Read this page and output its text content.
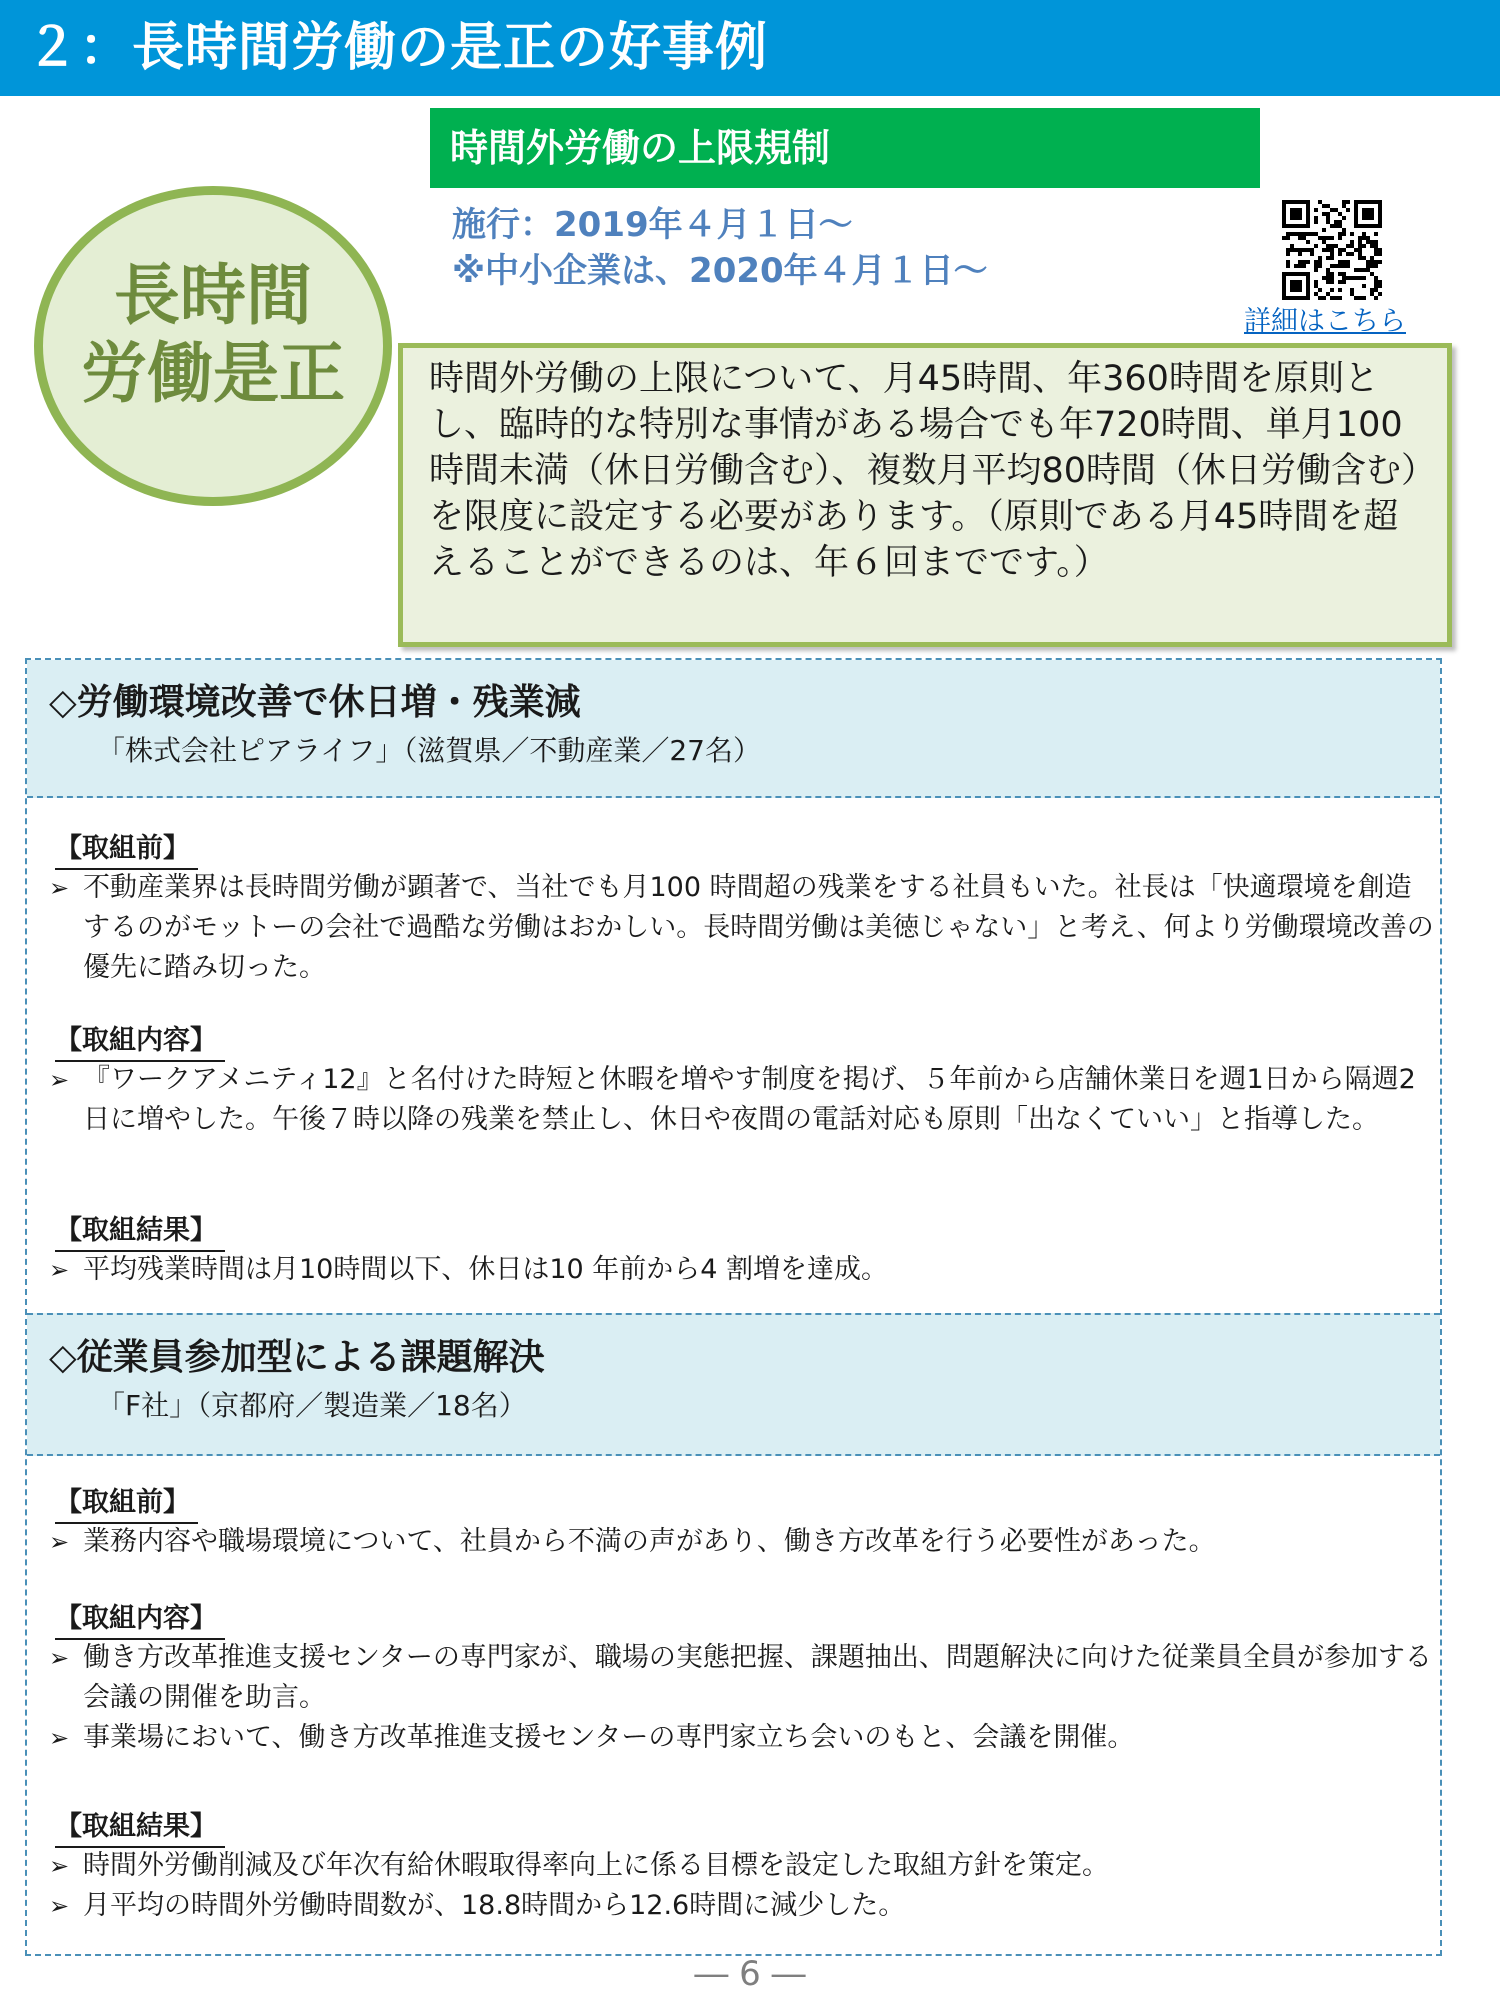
２：長時間労働の是正の好事例
長時間
労働是正
時間外労働の上限規制
施行：2019年４月１日～
※中小企業は、2020年４月１日～
詳細はこちら
時間外労働の上限について、月45時間、年360時間を原則とし、臨時的な特別な事情がある場合でも年720時間、単月100時間未満（休日労働含む）、複数月平均80時間（休日労働含む）を限度に設定する必要があります。（原則である月45時間を超えることができるのは、年６回までです。）
◇労働環境改善で休日増・残業減
「株式会社ピアライフ」（滋賀県／不動産業／27名）
【取組前】
➢ 不動産業界は長時間労働が顕著で、当社でも月100 時間超の残業をする社員もいた。社長は「快適環境を創造するのがモットーの会社で過酷な労働はおかしい。長時間労働は美徳じゃない」と考え、何より労働環境改善の優先に踏み切った。
【取組内容】
➢ 『ワークアメニティ12』と名付けた時短と休暇を増やす制度を掲げ、５年前から店舗休業日を週1日から隔週2 日に増やした。午後７時以降の残業を禁止し、休日や夜間の電話対応も原則「出なくていい」と指導した。
【取組結果】
➢ 平均残業時間は月10時間以下、休日は10 年前から4 割増を達成。
◇従業員参加型による課題解決
「F社」（京都府／製造業／18名）
【取組前】
➢ 業務内容や職場環境について、社員から不満の声があり、働き方改革を行う必要性があった。
【取組内容】
➢ 働き方改革推進支援センターの専門家が、職場の実態把握、課題抽出、問題解決に向けた従業員全員が参加する会議の開催を助言。
➢ 事業場において、働き方改革推進支援センターの専門家立ち会いのもと、会議を開催。
【取組結果】
➢ 時間外労働削減及び年次有給休暇取得率向上に係る目標を設定した取組方針を策定。
➢ 月平均の時間外労働時間数が、18.8時間から12.6時間に減少した。
― 6 ―
